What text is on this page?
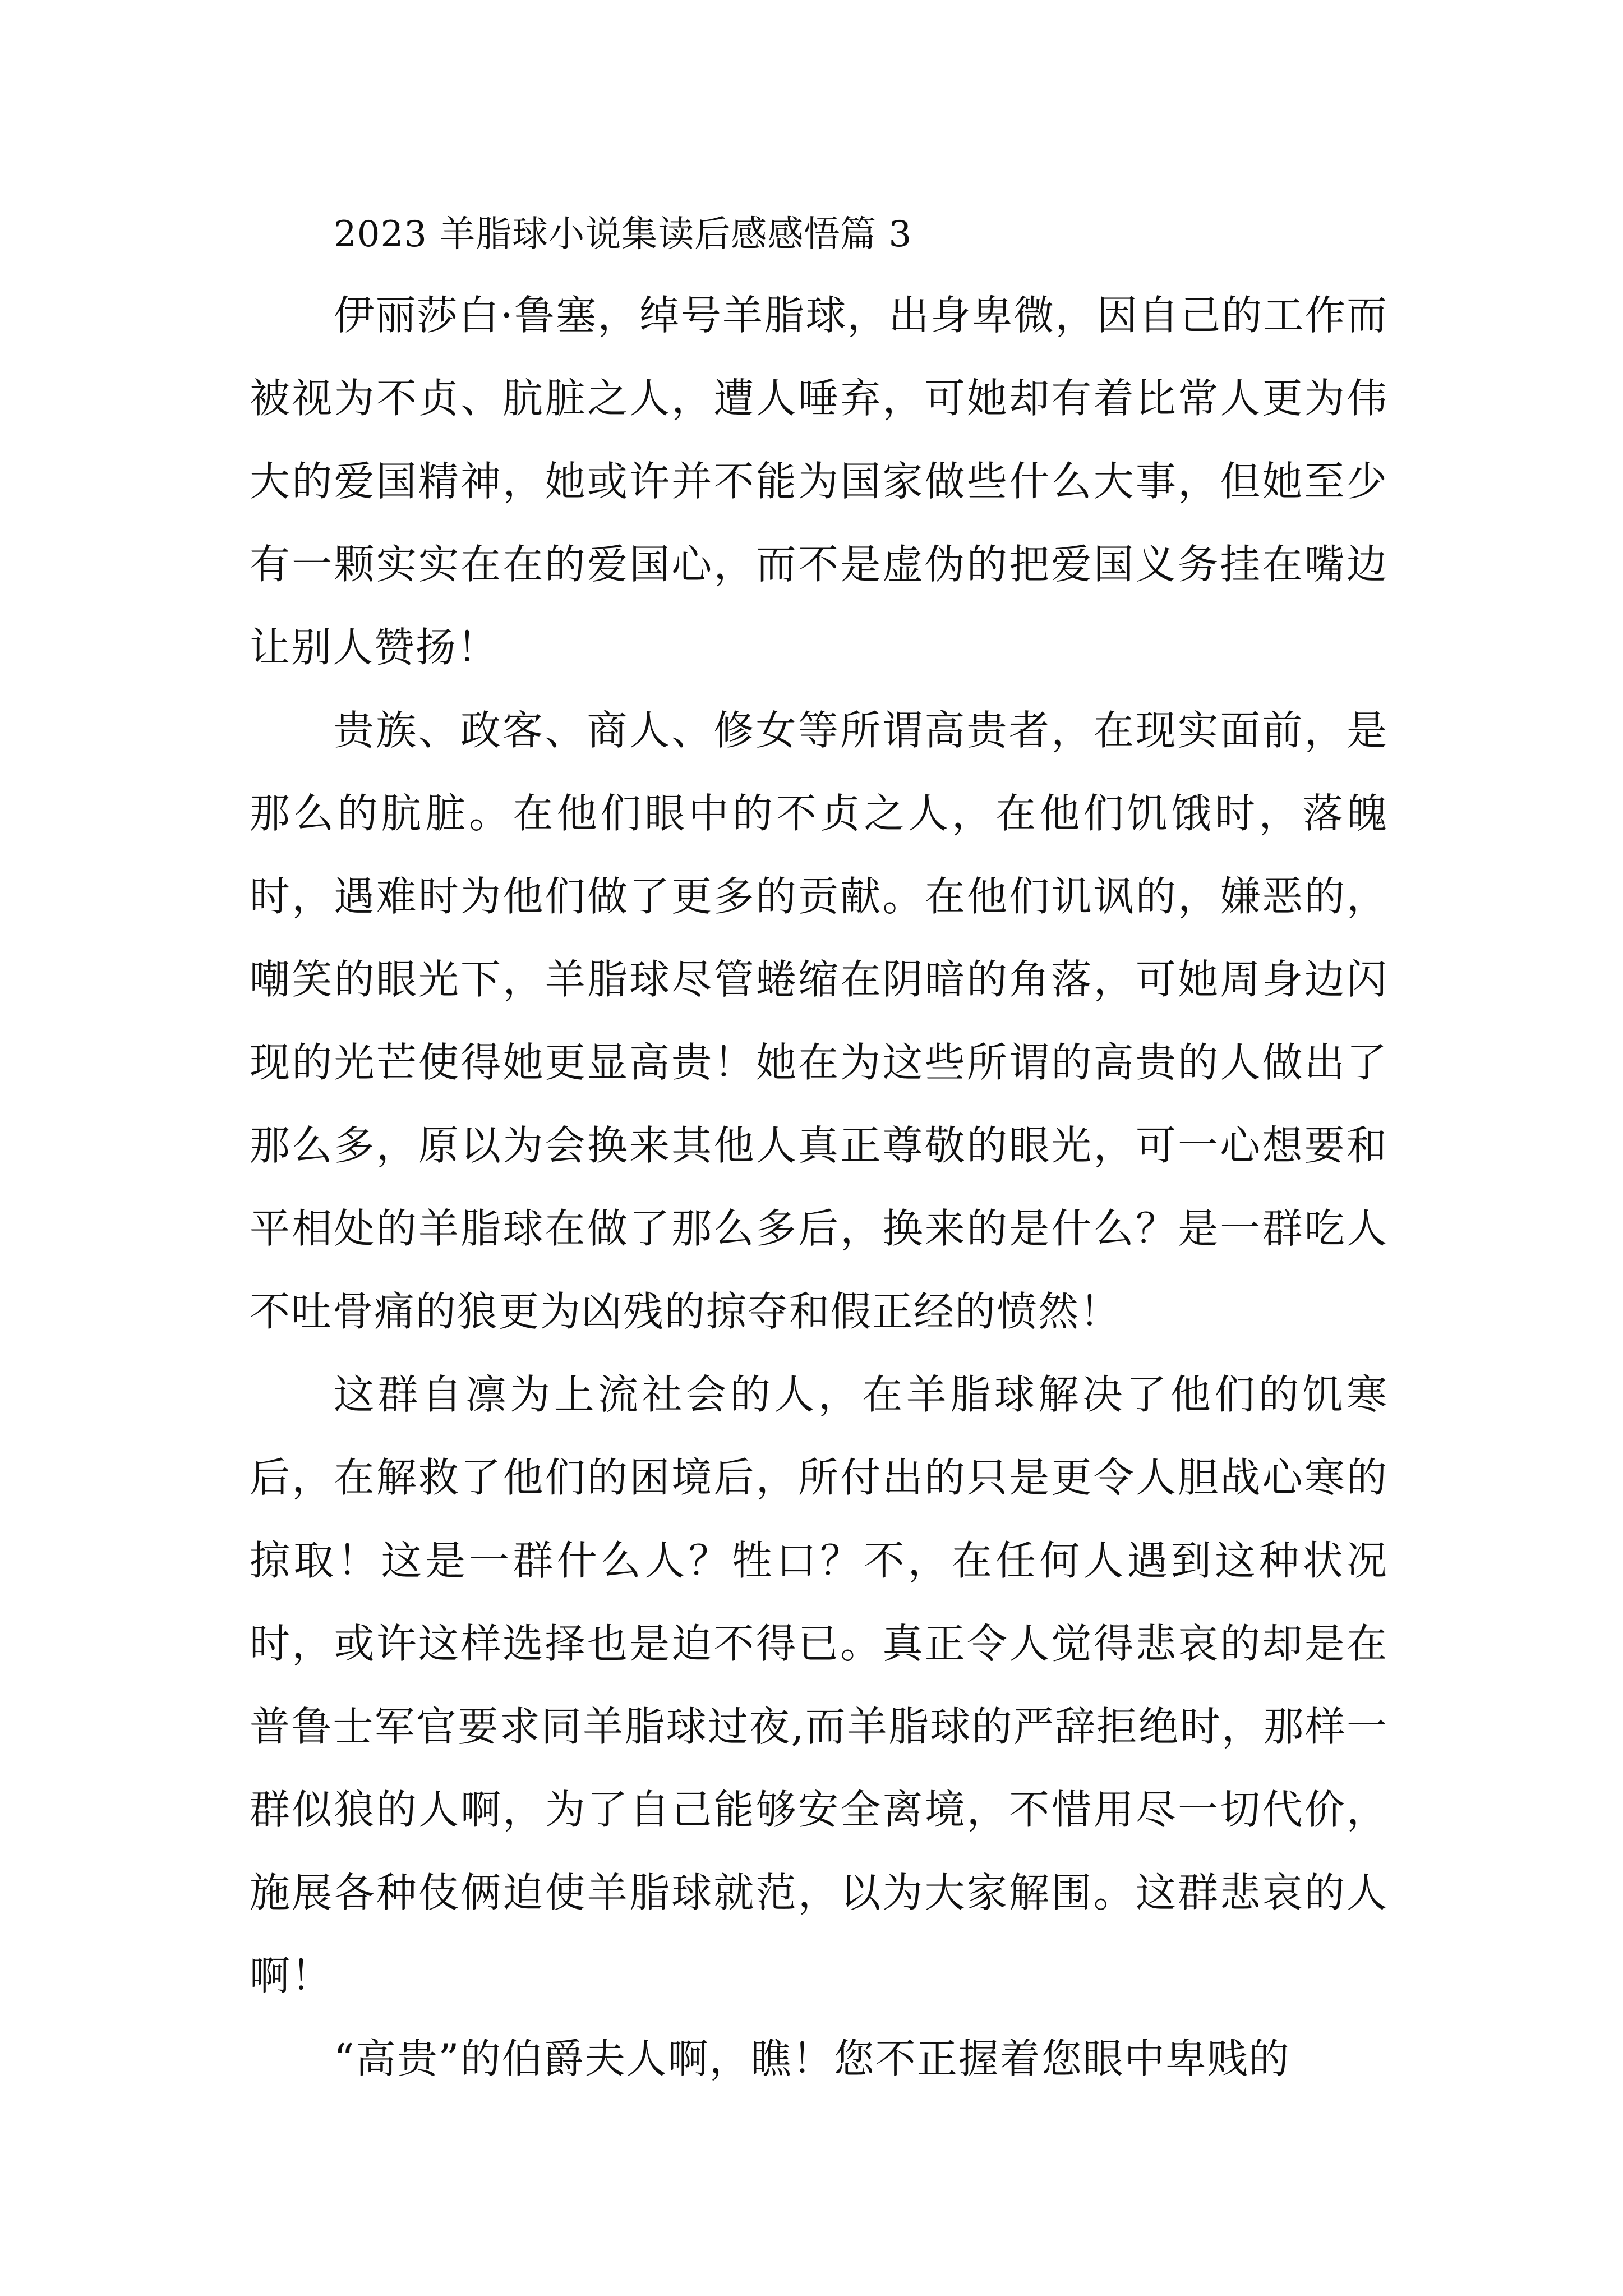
2023 羊脂球小说集读后感感悟篇 3

伊丽莎白·鲁塞，绰号羊脂球，出身卑微，因自己的工作而被视为不贞、肮脏之人，遭人唾弃，可她却有着比常人更为伟大的爱国精神，她或许并不能为国家做些什么大事，但她至少有一颗实实在在的爱国心，而不是虚伪的把爱国义务挂在嘴边让别人赞扬！

贵族、政客、商人、修女等所谓高贵者，在现实面前，是那么的肮脏。在他们眼中的不贞之人，在他们饥饿时，落魄时，遇难时为他们做了更多的贡献。在他们讥讽的，嫌恶的，嘲笑的眼光下，羊脂球尽管蜷缩在阴暗的角落，可她周身边闪现的光芒使得她更显高贵！她在为这些所谓的高贵的人做出了那么多，原以为会换来其他人真正尊敬的眼光，可一心想要和平相处的羊脂球在做了那么多后，换来的是什么？是一群吃人不吐骨痛的狼更为凶残的掠夺和假正经的愤然！

这群自凛为上流社会的人，在羊脂球解决了他们的饥寒后，在解救了他们的困境后，所付出的只是更令人胆战心寒的掠取！这是一群什么人？牲口？不，在任何人遇到这种状况时，或许这样选择也是迫不得已。真正令人觉得悲哀的却是在普鲁士军官要求同羊脂球过夜,而羊脂球的严辞拒绝时，那样一群似狼的人啊，为了自己能够安全离境，不惜用尽一切代价，施展各种伎俩迫使羊脂球就范，以为大家解围。这群悲哀的人啊！

“高贵”的伯爵夫人啊，瞧！您不正握着您眼中卑贱的
